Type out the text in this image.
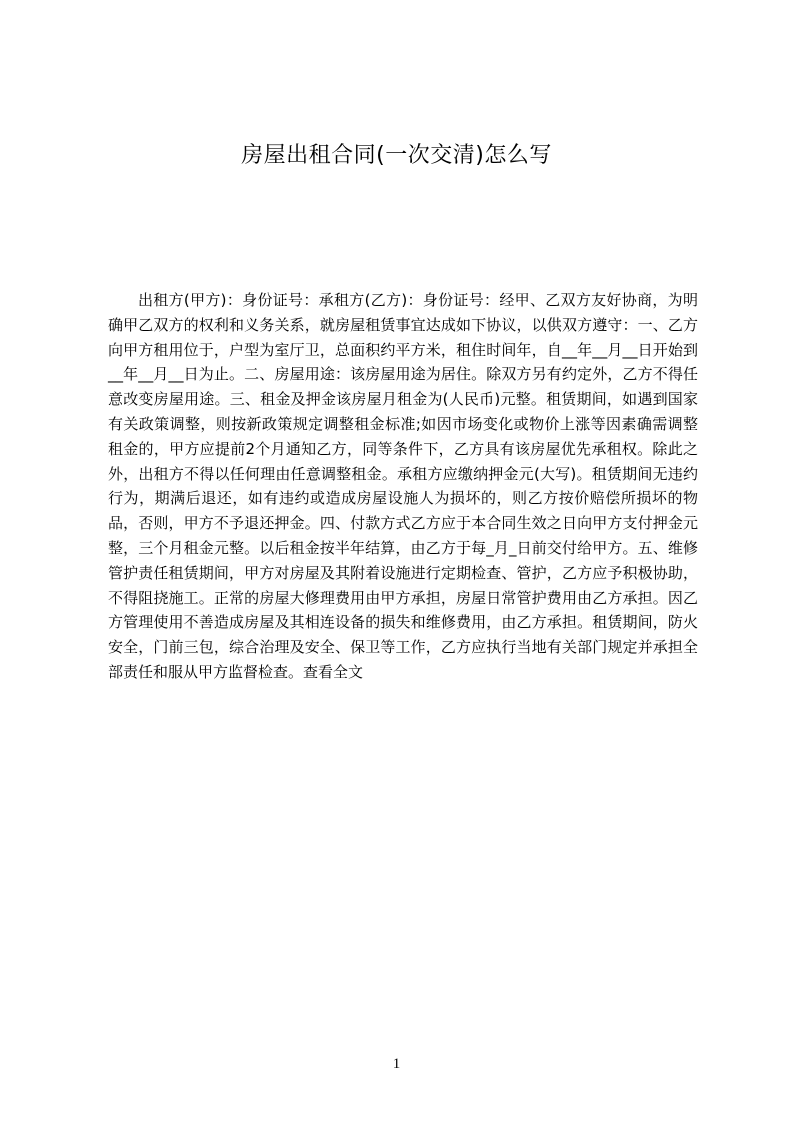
房屋出租合同(一次交清)怎么写

出租方(甲方)：身份证号：承租方(乙方)：身份证号：经甲、乙双方友好协商，为明确甲乙双方的权利和义务关系，就房屋租赁事宜达成如下协议，以供双方遵守：一、乙方向甲方租用位于，户型为室厅卫，总面积约平方米，租住时间年，自__年__月__日开始到__年__月__日为止。二、房屋用途：该房屋用途为居住。除双方另有约定外，乙方不得任意改变房屋用途。三、租金及押金该房屋月租金为(人民币)元整。租赁期间，如遇到国家有关政策调整，则按新政策规定调整租金标准;如因市场变化或物价上涨等因素确需调整租金的，甲方应提前2个月通知乙方，同等条件下，乙方具有该房屋优先承租权。除此之外，出租方不得以任何理由任意调整租金。承租方应缴纳押金元(大写)。租赁期间无违约行为，期满后退还，如有违约或造成房屋设施人为损坏的，则乙方按价赔偿所损坏的物品，否则，甲方不予退还押金。四、付款方式乙方应于本合同生效之日向甲方支付押金元整，三个月租金元整。以后租金按半年结算，由乙方于每_月_日前交付给甲方。五、维修管护责任租赁期间，甲方对房屋及其附着设施进行定期检查、管护，乙方应予积极协助，不得阻挠施工。正常的房屋大修理费用由甲方承担，房屋日常管护费用由乙方承担。因乙方管理使用不善造成房屋及其相连设备的损失和维修费用，由乙方承担。租赁期间，防火安全，门前三包，综合治理及安全、保卫等工作，乙方应执行当地有关部门规定并承担全部责任和服从甲方监督检查。查看全文

1
